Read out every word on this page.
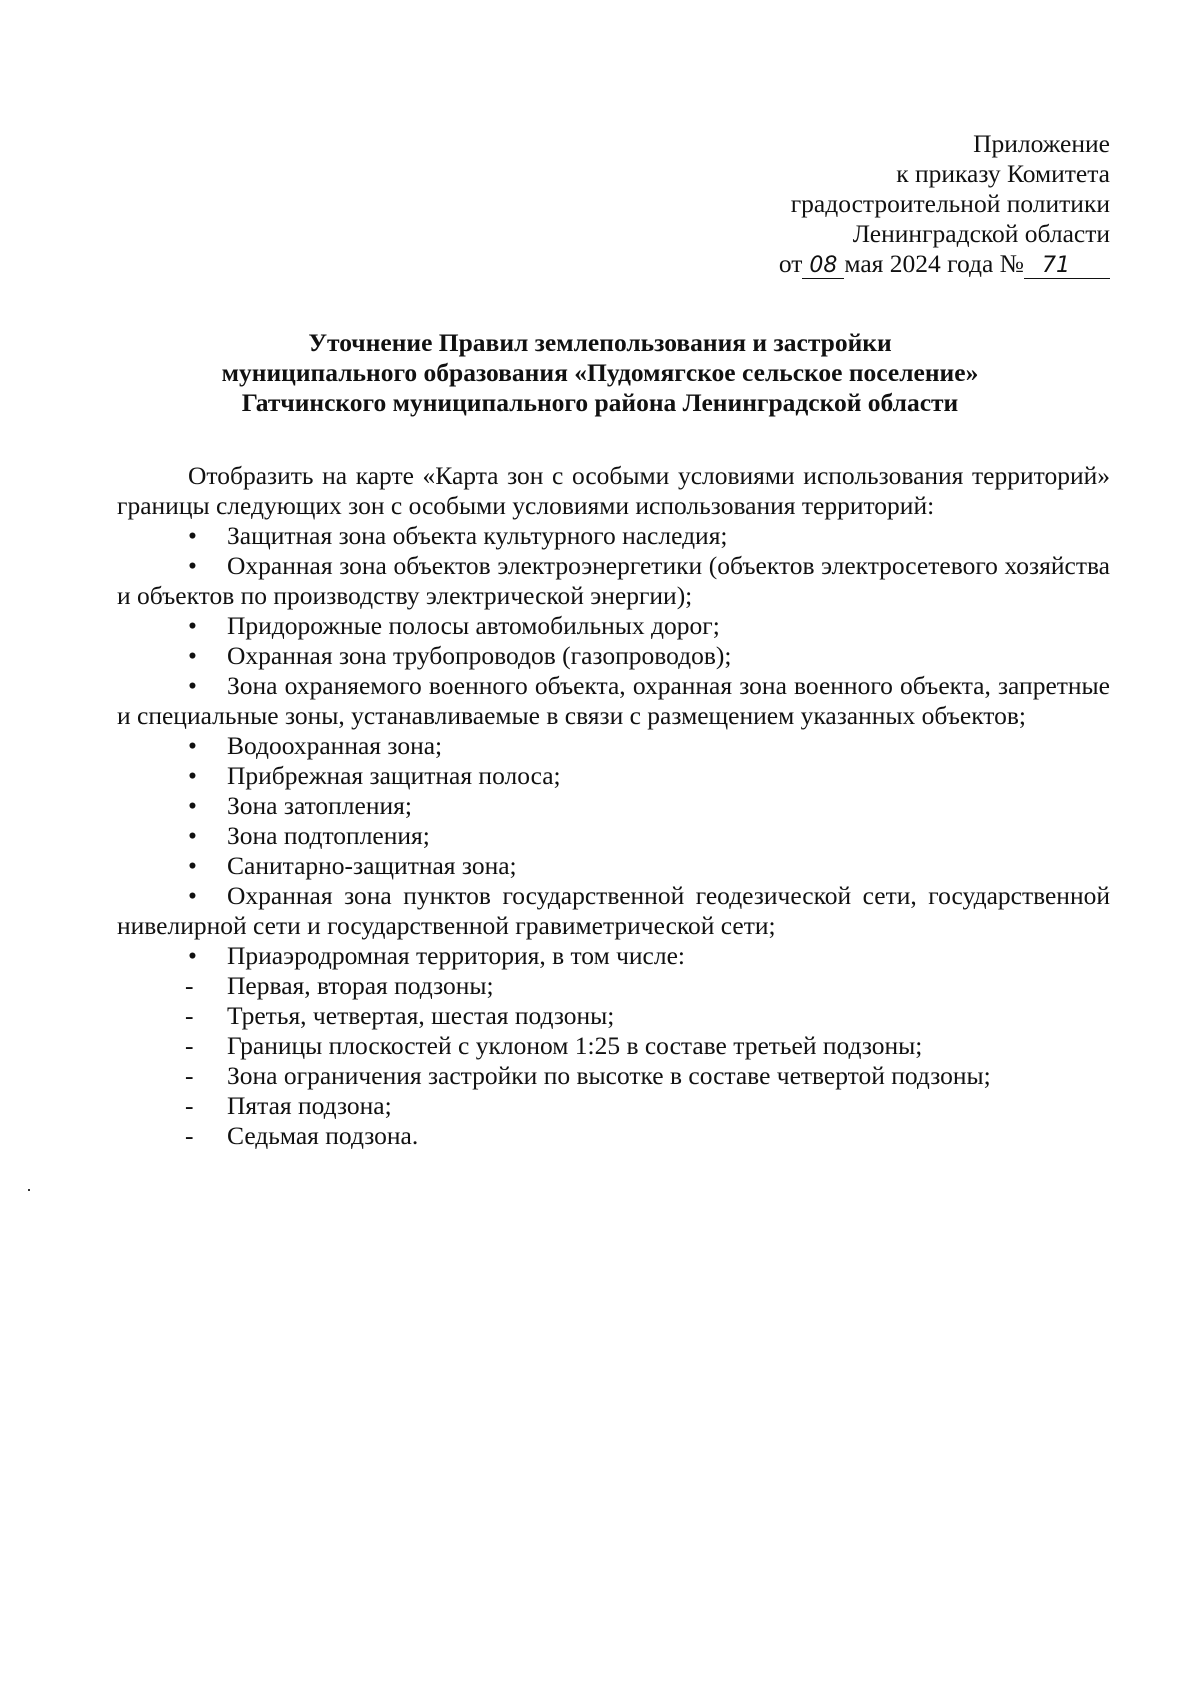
Приложение
к приказу Комитета
градостроительной политики
Ленинградской области
от 08 мая 2024 года № 71
Уточнение Правил землепользования и застройки
муниципального образования «Пудомягское сельское поселение»
Гатчинского муниципального района Ленинградской области

Отобразить на карте «Карта зон с особыми условиями использования территорий» границы следующих зон с особыми условиями использования территорий:

•	Защитная зона объекта культурного наследия;

•	Охранная зона объектов электроэнергетики (объектов электросетевого хозяйства и объектов по производству электрической энергии);

•	Придорожные полосы автомобильных дорог;

•	Охранная зона трубопроводов (газопроводов);

•	Зона охраняемого военного объекта, охранная зона военного объекта, запретные и специальные зоны, устанавливаемые в связи с размещением указанных объектов;

•	Водоохранная зона;

•	Прибрежная защитная полоса;

•	Зона затопления;

•	Зона подтопления;

•	Санитарно-защитная зона;

•	Охранная зона пунктов государственной геодезической сети, государственной нивелирной сети и государственной гравиметрической сети;

•	Приаэродромная территория, в том числе:

-	Первая, вторая подзоны;

-	Третья, четвертая, шестая подзоны;

-	Границы плоскостей с уклоном 1:25 в составе третьей подзоны;

-	Зона ограничения застройки по высотке в составе четвертой подзоны;

-	Пятая подзона;

-	Седьмая подзона.
